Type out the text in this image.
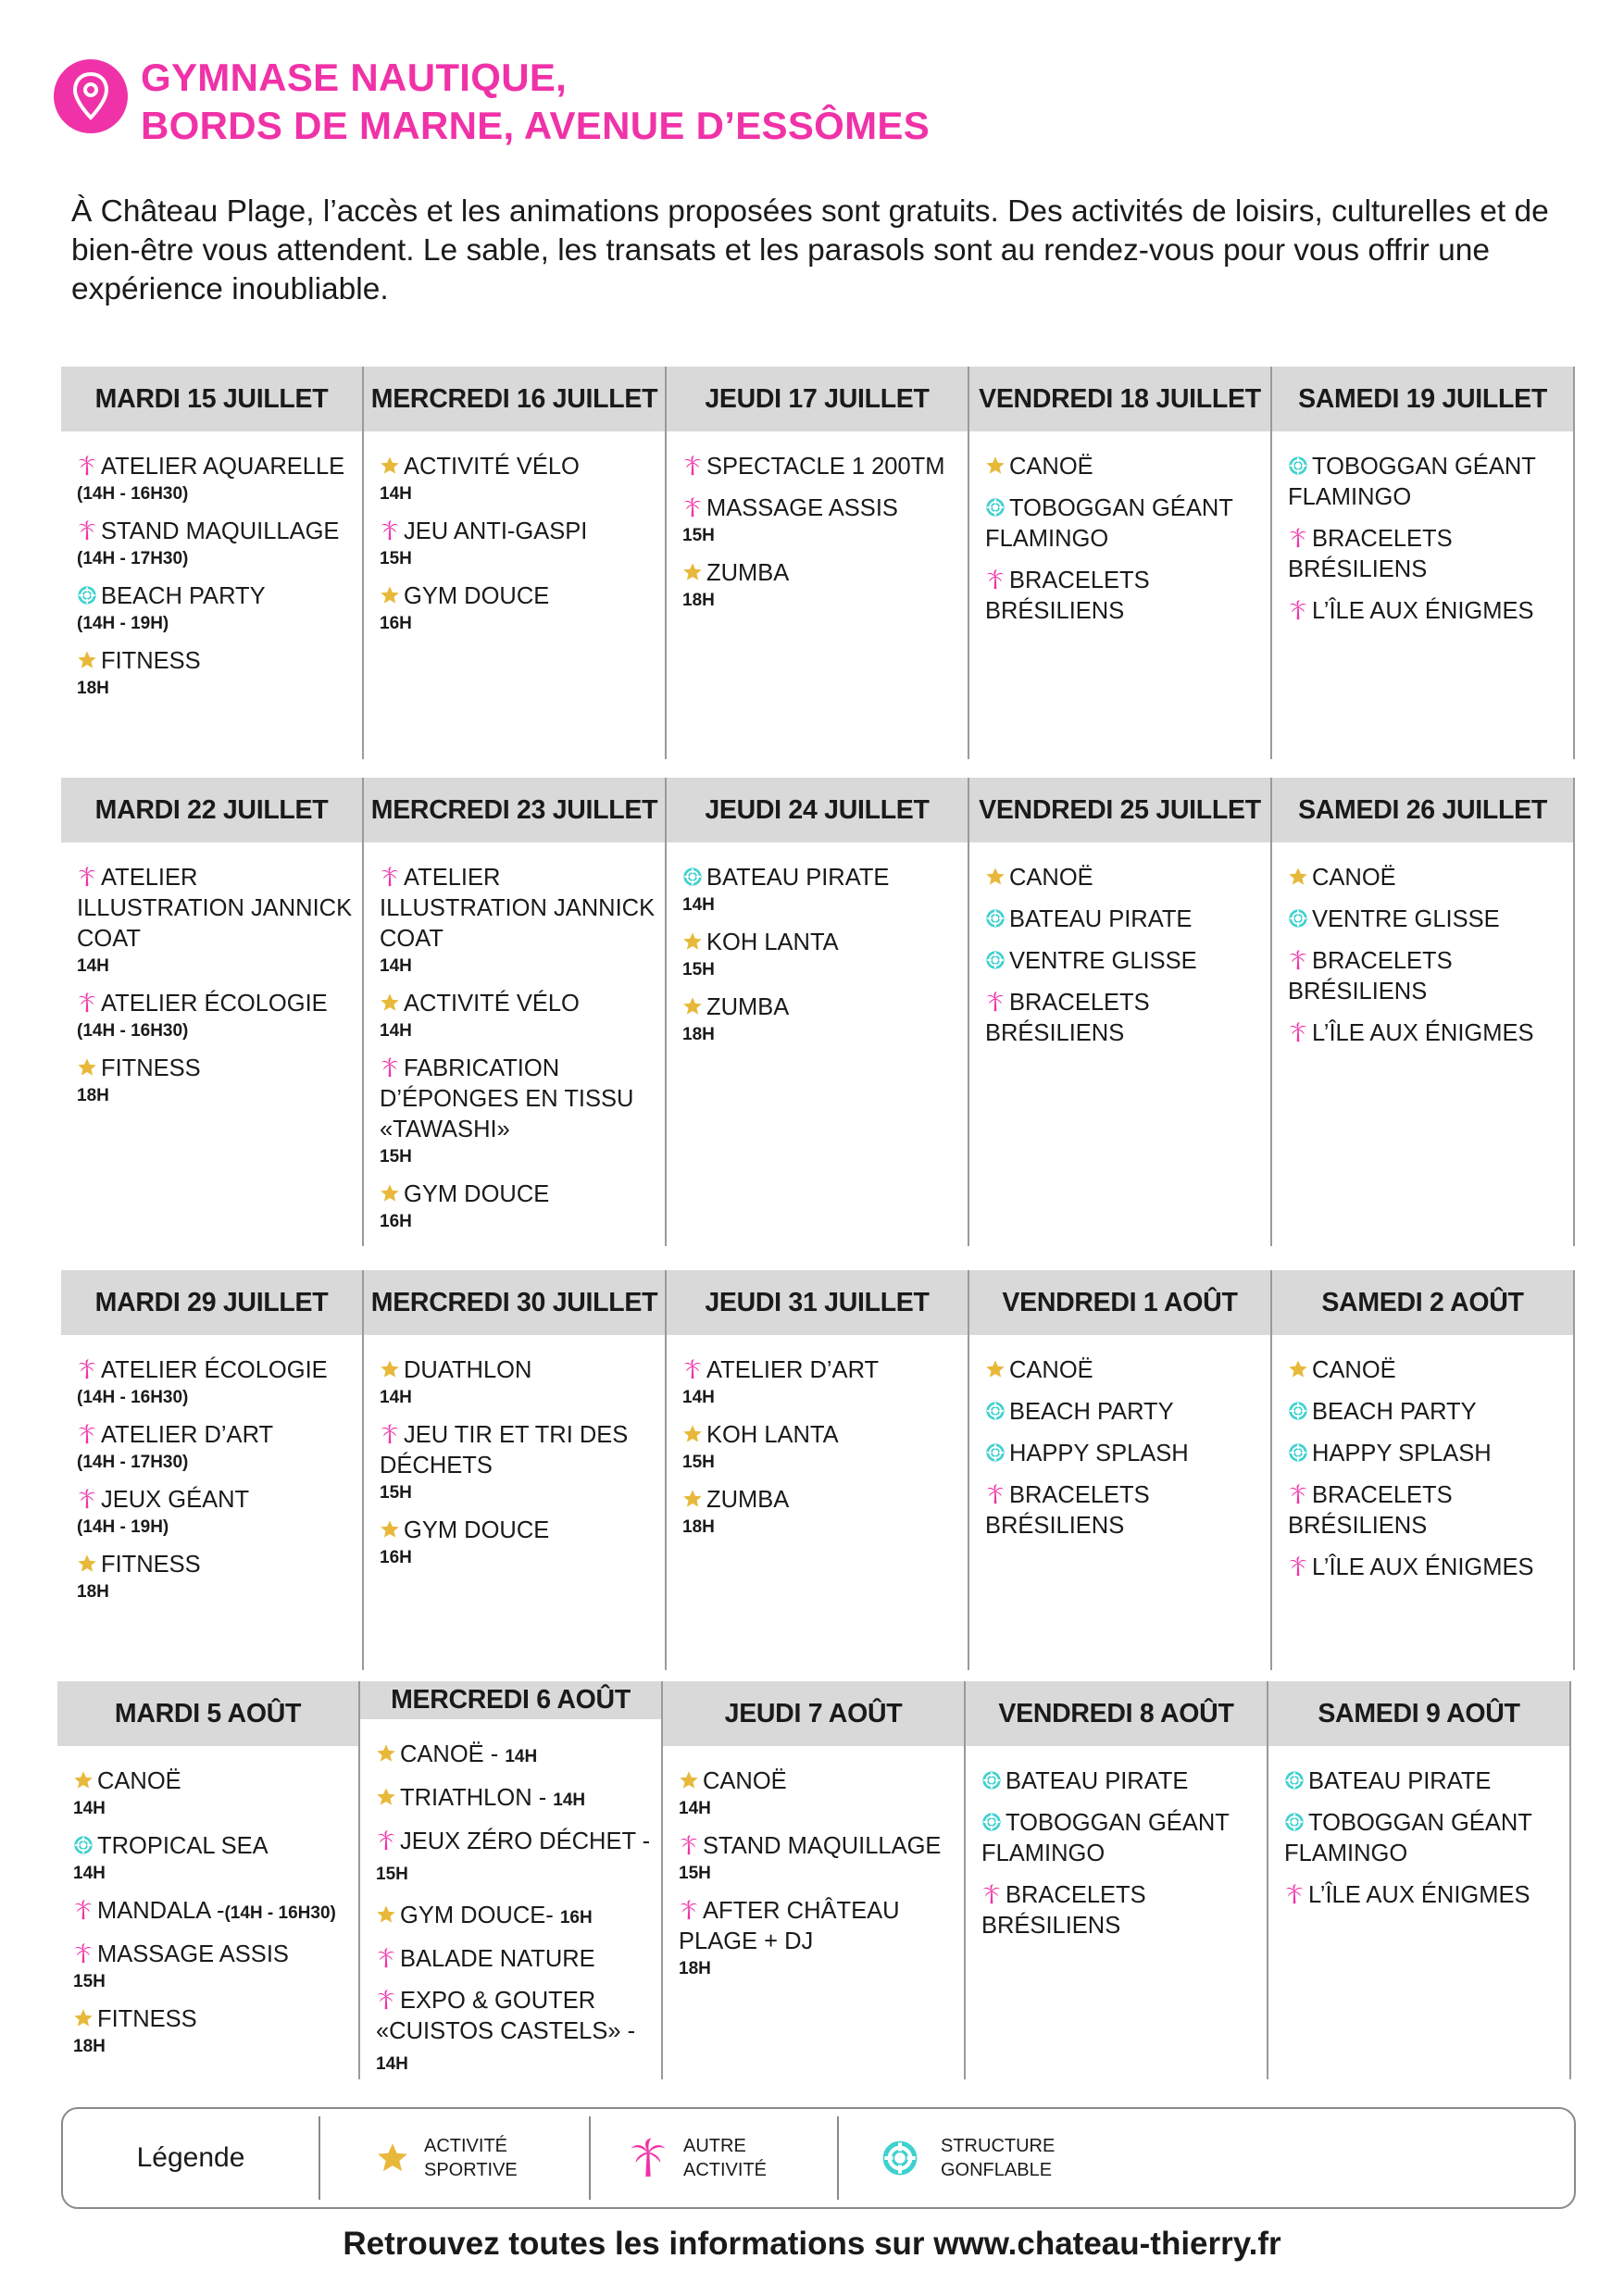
GYMNASE NAUTIQUE,
BORDS DE MARNE, AVENUE D’ESSÔMES

À Château Plage, l’accès et les animations proposées sont gratuits. Des activités de loisirs, culturelles et de bien-être vous attendent. Le sable, les transats et les parasols sont au rendez-vous pour vous offrir une expérience inoubliable.

MARDI 15 JUILLET
ATELIER AQUARELLE
(14H - 16H30)
STAND MAQUILLAGE
(14H - 17H30)
BEACH PARTY
(14H - 19H)
FITNESS
18H
MERCREDI 16 JUILLET
ACTIVITÉ VÉLO
14H
JEU ANTI-GASPI
15H
GYM DOUCE
16H
JEUDI 17 JUILLET
SPECTACLE 1 200TM
MASSAGE ASSIS
15H
ZUMBA
18H
VENDREDI 18 JUILLET
CANOË
TOBOGGAN GÉANT FLAMINGO
BRACELETS BRÉSILIENS
SAMEDI 19 JUILLET
TOBOGGAN GÉANT FLAMINGO
BRACELETS BRÉSILIENS
L’ÎLE AUX ÉNIGMES
MARDI 22 JUILLET
ATELIER ILLUSTRATION JANNICK COAT
14H
ATELIER ÉCOLOGIE
(14H - 16H30)
FITNESS
18H
MERCREDI 23 JUILLET
ATELIER ILLUSTRATION JANNICK COAT
14H
ACTIVITÉ VÉLO
14H
FABRICATION D’ÉPONGES EN TISSU «TAWASHI»
15H
GYM DOUCE
16H
JEUDI 24 JUILLET
BATEAU PIRATE
14H
KOH LANTA
15H
ZUMBA
18H
VENDREDI 25 JUILLET
CANOË
BATEAU PIRATE
VENTRE GLISSE
BRACELETS BRÉSILIENS
SAMEDI 26 JUILLET
CANOË
VENTRE GLISSE
BRACELETS BRÉSILIENS
L’ÎLE AUX ÉNIGMES
MARDI 29 JUILLET
ATELIER ÉCOLOGIE
(14H - 16H30)
ATELIER D’ART
(14H - 17H30)
JEUX GÉANT
(14H - 19H)
FITNESS
18H
MERCREDI 30 JUILLET
DUATHLON
14H
JEU TIR ET TRI DES DÉCHETS
15H
GYM DOUCE
16H
JEUDI 31 JUILLET
ATELIER D’ART
14H
KOH LANTA
15H
ZUMBA
18H
VENDREDI 1 AOÛT
CANOË
BEACH PARTY
HAPPY SPLASH
BRACELETS BRÉSILIENS
SAMEDI 2 AOÛT
CANOË
BEACH PARTY
HAPPY SPLASH
BRACELETS BRÉSILIENS
L’ÎLE AUX ÉNIGMES
MARDI 5 AOÛT
CANOË
14H
TROPICAL SEA
14H
MANDALA -(14H - 16H30)
MASSAGE ASSIS
15H
FITNESS
18H
MERCREDI 6 AOÛT
CANOË - 14H
TRIATHLON - 14H
JEUX ZÉRO DÉCHET - 15H
GYM DOUCE- 16H
BALADE NATURE
EXPO & GOUTER «CUISTOS CASTELS» - 14H
JEUDI 7 AOÛT
CANOË
14H
STAND MAQUILLAGE
15H
AFTER CHÂTEAU PLAGE + DJ
18H
VENDREDI 8 AOÛT
BATEAU PIRATE
TOBOGGAN GÉANT FLAMINGO
BRACELETS BRÉSILIENS
SAMEDI 9 AOÛT
BATEAU PIRATE
TOBOGGAN GÉANT FLAMINGO
L’ÎLE AUX ÉNIGMES
Légende	ACTIVITÉ SPORTIVE
AUTRE ACTIVITÉ
STRUCTURE GONFLABLE
Retrouvez toutes les informations sur www.chateau-thierry.fr
